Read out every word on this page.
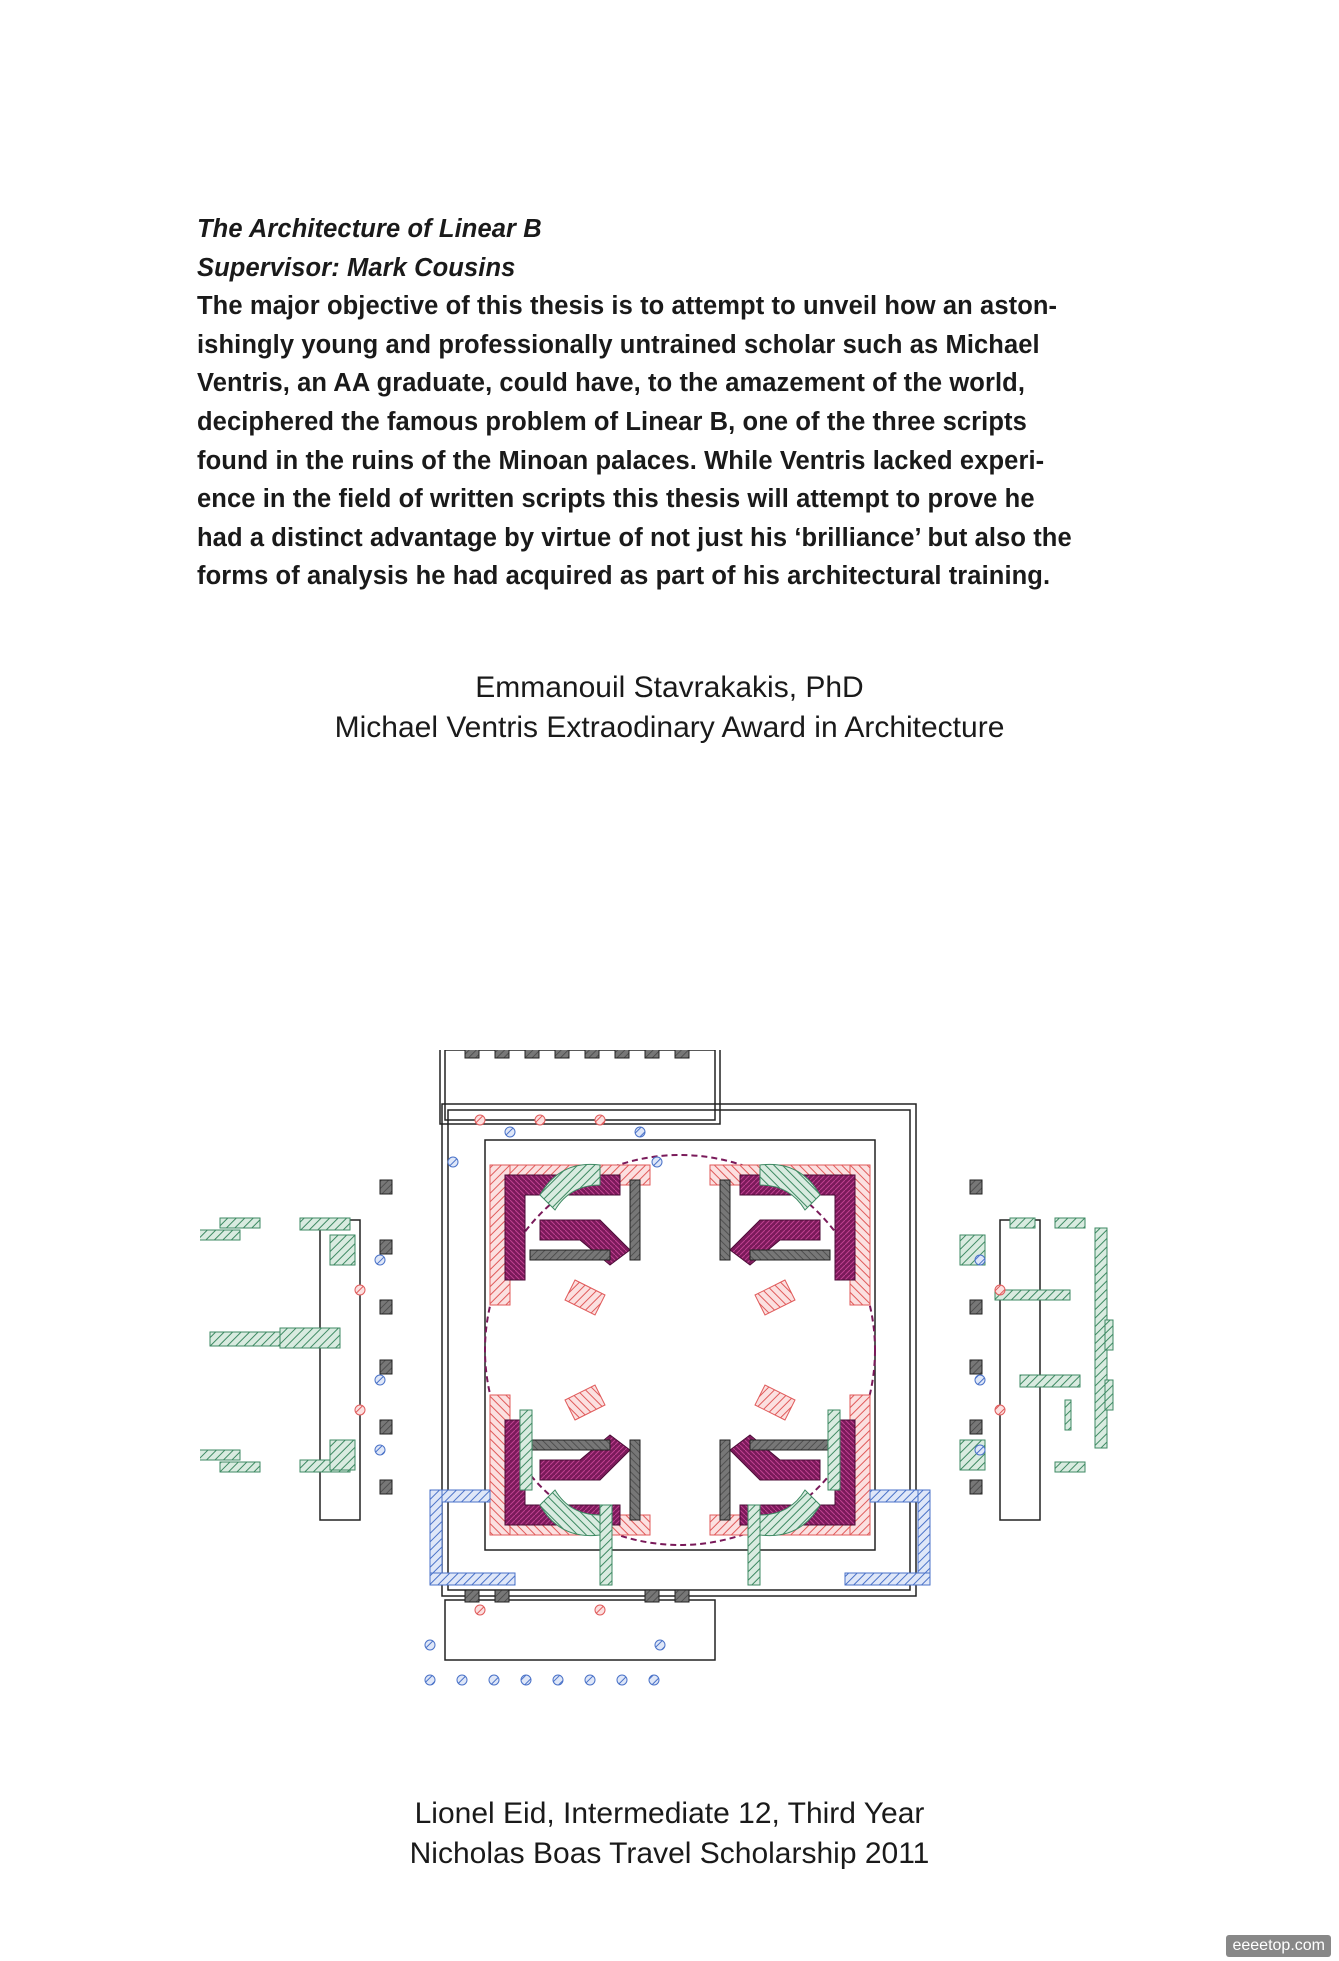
The Architecture of Linear B
Supervisor: Mark Cousins
The major objective of this thesis is to attempt to unveil how an aston-
ishingly young and professionally untrained scholar such as Michael
Ventris, an AA graduate, could have, to the amazement of the world,
deciphered the famous problem of Linear B, one of the three scripts
found in the ruins of the Minoan palaces. While Ventris lacked experi-
ence in the field of written scripts this thesis will attempt to prove he
had a distinct advantage by virtue of not just his ‘brilliance’ but also the
forms of analysis he had acquired as part of his architectural training.
Emmanouil Stavrakakis, PhD
Michael Ventris Extraodinary Award in Architecture
Lionel Eid, Intermediate 12, Third Year
Nicholas Boas Travel Scholarship 2011
eeeetop.com
